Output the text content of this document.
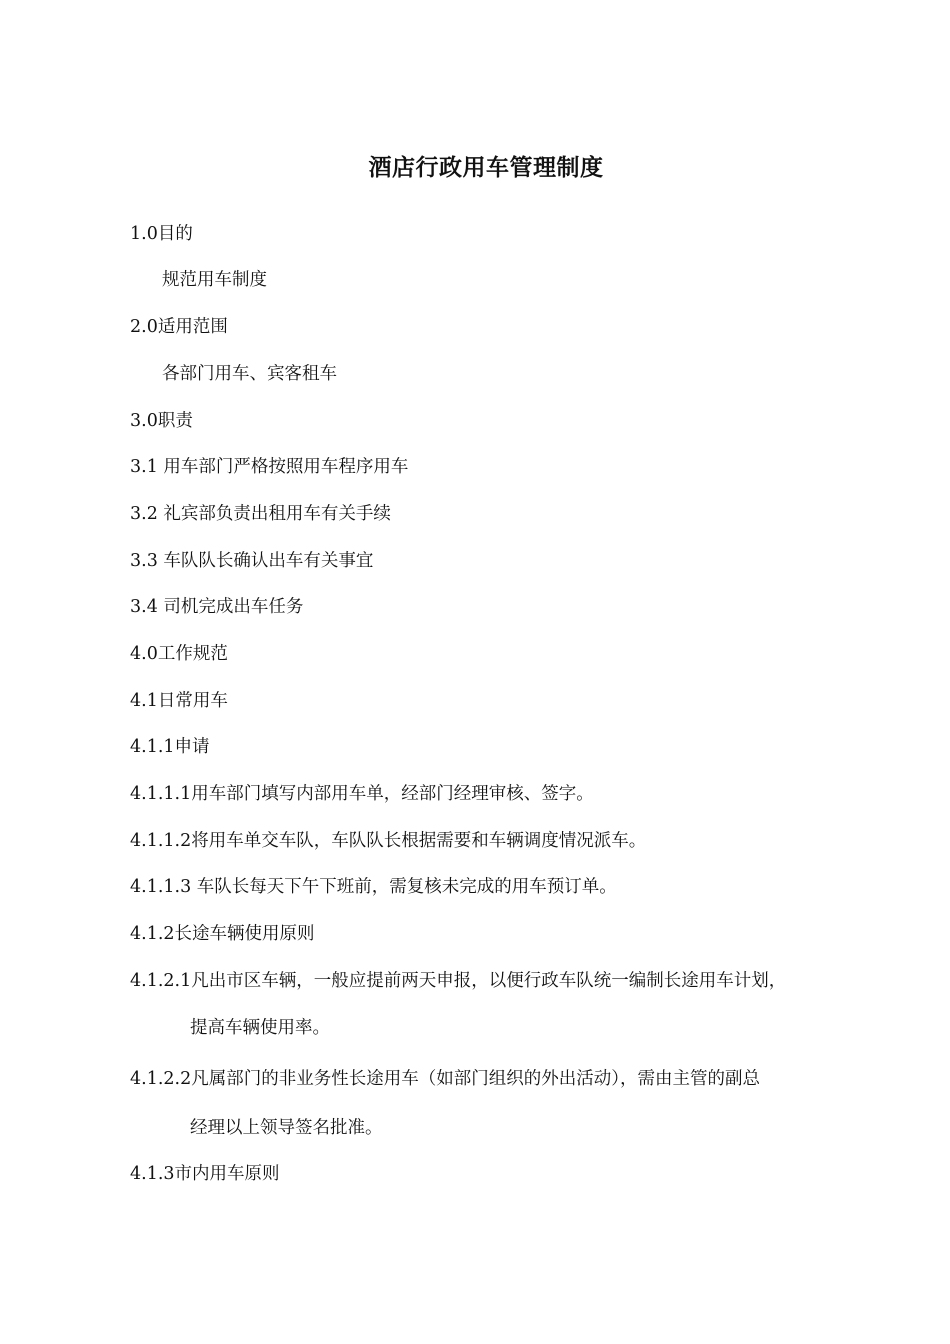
酒店行政用车管理制度
1.0目的
规范用车制度
2.0适用范围
各部门用车、宾客租车
3.0职责
3.1 用车部门严格按照用车程序用车
3.2 礼宾部负责出租用车有关手续
3.3 车队队长确认出车有关事宜
3.4 司机完成出车任务
4.0工作规范
4.1日常用车
4.1.1申请
4.1.1.1用车部门填写内部用车单，经部门经理审核、签字。
4.1.1.2将用车单交车队，车队队长根据需要和车辆调度情况派车。
4.1.1.3 车队长每天下午下班前，需复核未完成的用车预订单。
4.1.2长途车辆使用原则
4.1.2.1凡出市区车辆，一般应提前两天申报，以便行政车队统一编制长途用车计划，
提高车辆使用率。
4.1.2.2凡属部门的非业务性长途用车（如部门组织的外出活动），需由主管的副总
经理以上领导签名批准。
4.1.3市内用车原则
